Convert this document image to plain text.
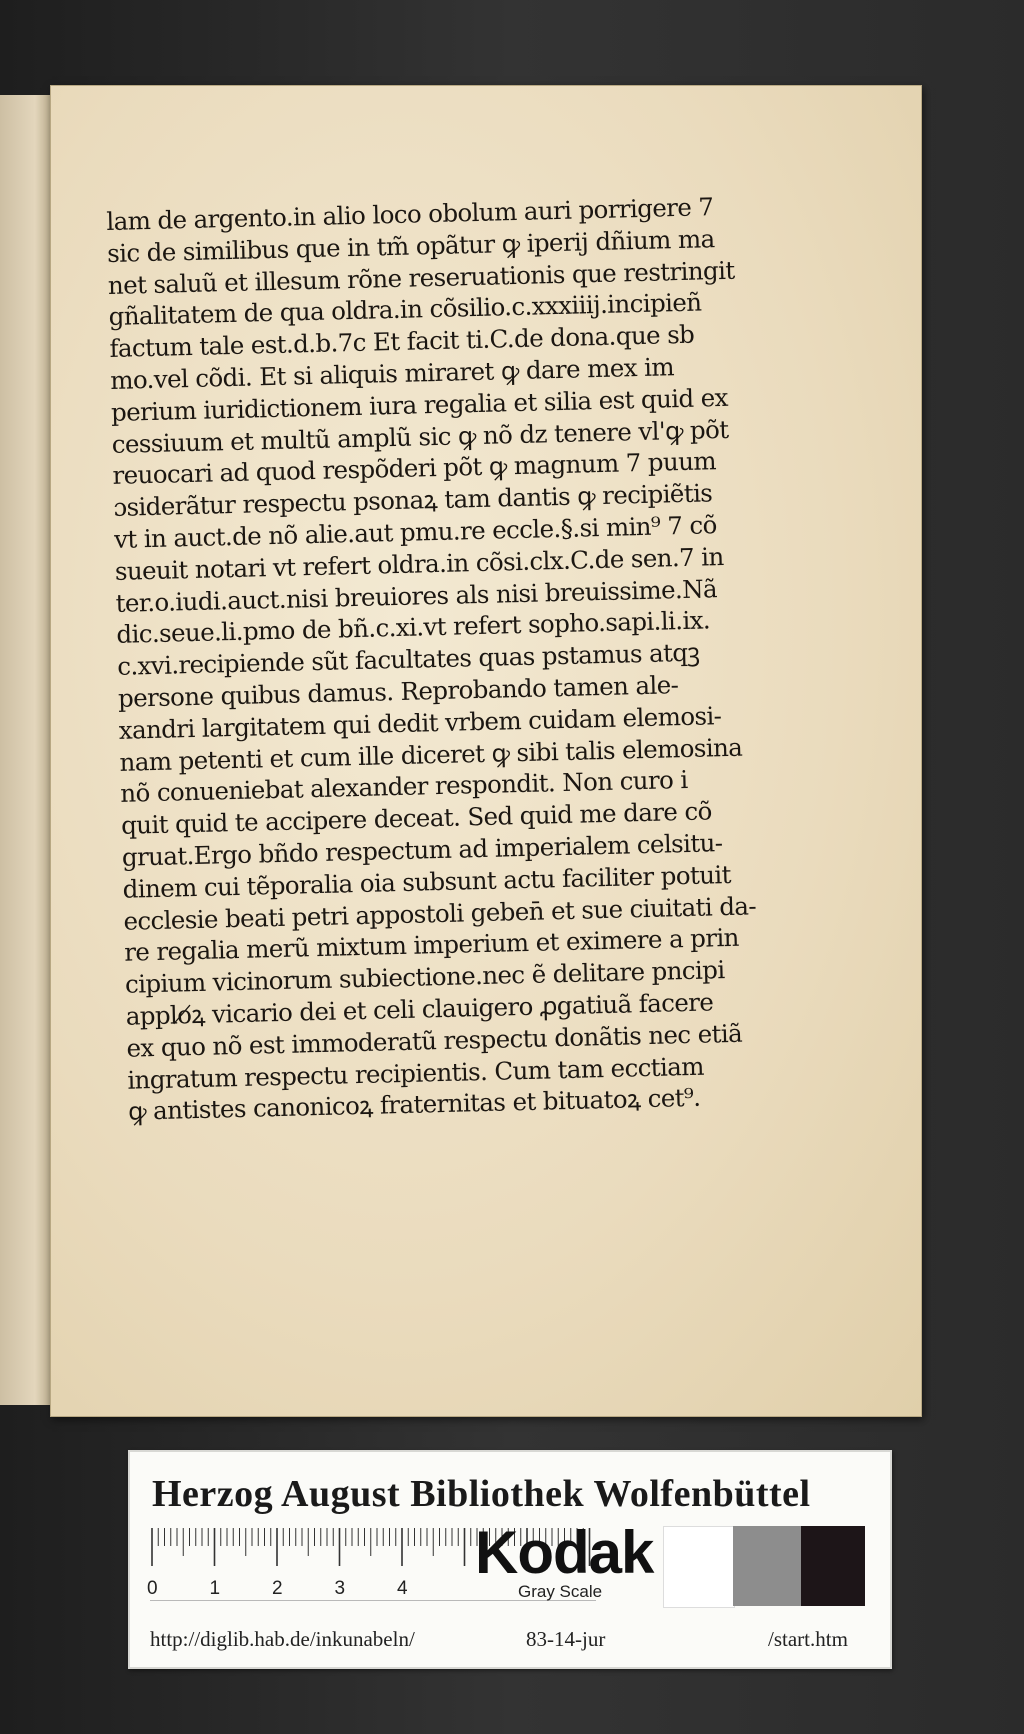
lam de argento.in alio loco obolum auri porrigere 7
sic de similibus que in tm̃ opãtur ꝙ iperij dñium ma
net saluũ et illesum rõne reseruationis que restringit
gñalitatem de qua oldra.in cõsilio.c.xxxiiij.incipieñ
factum tale est.d.b.7c Et facit ti.C.de dona.que sb
mo.vel cõdi. Et si aliquis miraret ꝙ dare mex im
perium iuridictionem iura regalia et silia est quid ex
cessiuum et multũ amplũ sic ꝙ nõ dz tenere vl'ꝙ põt
reuocari ad quod respõderi põt ꝙ magnum 7 puum
ɔsiderãtur respectu psonaꝝ tam dantis ꝙ recipiẽtis
vt in auct.de nõ alie.aut pmu.re eccle.§.si min⁹ 7 cõ
sueuit notari vt refert oldra.in cõsi.clx.C.de sen.7 in
ter.o.iudi.auct.nisi breuiores als nisi breuissime.Nã
dic.seue.li.pmo de bñ.c.xi.vt refert sopho.sapi.li.ix.
c.xvi.recipiende sũt facultates quas pstamus atqꝫ
persone quibus damus. Reprobando tamen ale-
xandri largitatem qui dedit vrbem cuidam elemosi-
nam petenti et cum ille diceret ꝙ sibi talis elemosina
nõ conueniebat alexander respondit. Non curo i
quit quid te accipere deceat. Sed quid me dare cõ
gruat.Ergo bñdo respectum ad imperialem celsitu-
dinem cui tẽporalia oia subsunt actu faciliter potuit
ecclesie beati petri appostoli geben̄ et sue ciuitati da-
re regalia merũ mixtum imperium et eximere a prin
cipium vicinorum subiectione.nec ẽ delitare pncipi
applo̸ꝝ vicario dei et celi clauigero ꝓgatiuã facere
ex quo nõ est immoderatũ respectu donãtis nec etiã
ingratum respectu recipientis. Cum tam ecctiam
ꝙ antistes canonicoꝝ fraternitas et bituatoꝝ cet⁹.
Herzog August Bibliothek Wolfenbüttel
0	1	2	3	4
Kodak
Gray Scale
http://diglib.hab.de/inkunabeln/	83-14-jur	/start.htm
